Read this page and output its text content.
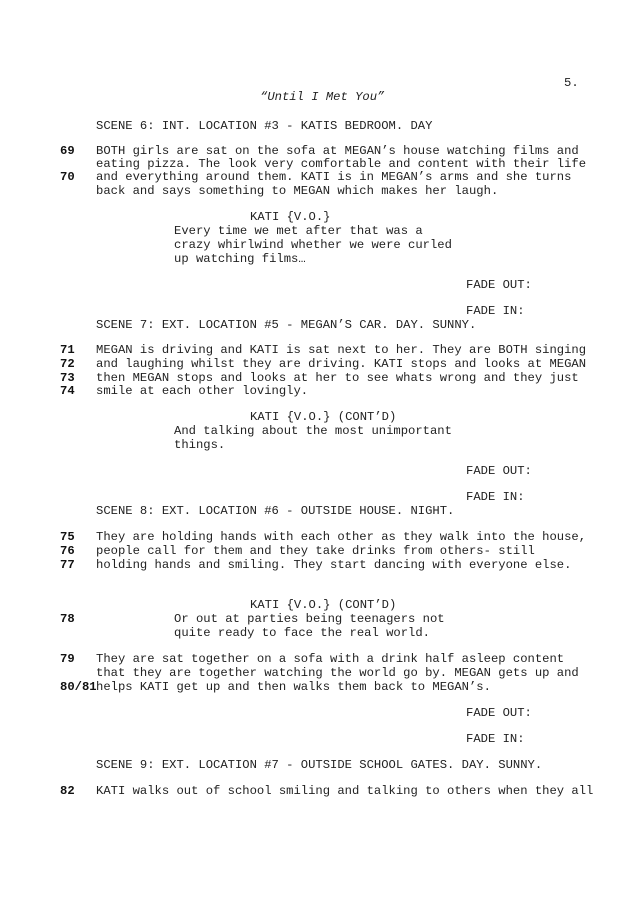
5.
“Until I Met You”
SCENE 6: INT. LOCATION #3 - KATIS BEDROOM. DAY
69
70
BOTH girls are sat on the sofa at MEGAN’s house watching films and
eating pizza. The look very comfortable and content with their life
and everything around them. KATI is in MEGAN’s arms and she turns
back and says something to MEGAN which makes her laugh.
KATI {V.O.}
Every time we met after that was a
crazy whirlwind whether we were curled
up watching films…
FADE OUT:
FADE IN:
SCENE 7: EXT. LOCATION #5 - MEGAN’S CAR. DAY. SUNNY.
71
72
73
74
MEGAN is driving and KATI is sat next to her. They are BOTH singing
and laughing whilst they are driving. KATI stops and looks at MEGAN
then MEGAN stops and looks at her to see whats wrong and they just
smile at each other lovingly.
KATI {V.O.} (CONT’D)
And talking about the most unimportant
things.
FADE OUT:
FADE IN:
SCENE 8: EXT. LOCATION #6 - OUTSIDE HOUSE. NIGHT.
75
76
77
They are holding hands with each other as they walk into the house,
people call for them and they take drinks from others- still
holding hands and smiling. They start dancing with everyone else.
KATI {V.O.} (CONT’D)
78	Or out at parties being teenagers not
quite ready to face the real world.
79
80/81
They are sat together on a sofa with a drink half asleep content
that they are together watching the world go by. MEGAN gets up and
helps KATI get up and then walks them back to MEGAN’s.
FADE OUT:
FADE IN:
SCENE 9: EXT. LOCATION #7 - OUTSIDE SCHOOL GATES. DAY. SUNNY.
82 KATI walks out of school smiling and talking to others when they all
